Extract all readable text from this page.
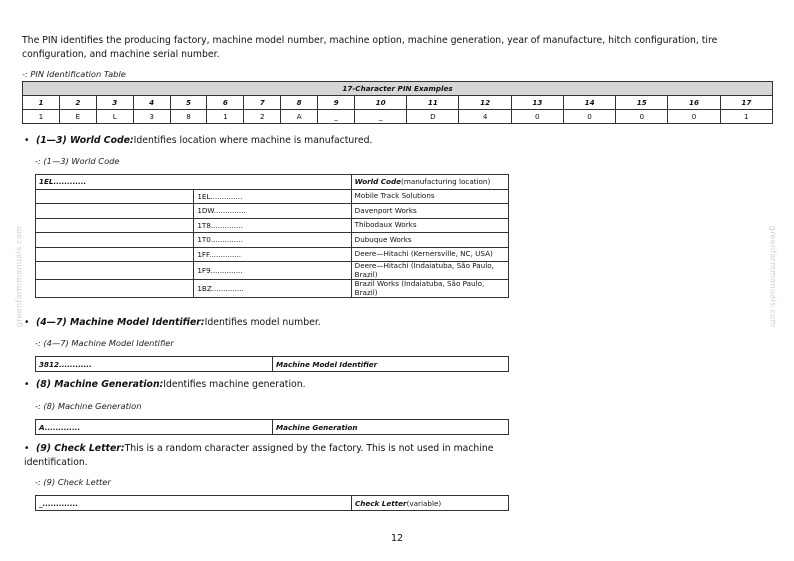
The PIN identifies the producing factory, machine model number, machine option, machine generation, year of manufacture, hitch configuration, tire configuration, and machine serial number.
-: PIN Identification Table
17-Character PIN Examples																
1	2	3	4	5	6	7	8	9	10	11	12	13	14	15	16	17
1	E	L	3	8	1	2	A	_	_	D	4	0	0	0	0	1
• (1—3) World Code:Identifies location where machine is manufactured.
-: (1—3) World Code
1EL............		World Code(manufacturing location)
	1EL..............	Mobile Track Solutions
	1DW..............	Davenport Works
	1T8..............	Thibodaux Works
	1T0..............	Dubuque Works
	1FF..............	Deere—Hitachi (Kernersville, NC, USA)
	1F9..............	Deere—Hitachi (Indaiatuba, São Paulo, Brazil)
	1BZ..............	Brazil Works (Indaiatuba, São Paulo, Brazil)
• (4—7) Machine Model Identifier:Identifies model number.
-: (4—7) Machine Model Identifier
3812............	Machine Model Identifier
• (8) Machine Generation:Identifies machine generation.
-: (8) Machine Generation
A.............	Machine Generation
• (9) Check Letter:This is a random character assigned by the factory. This is not used in machine identification.
-: (9) Check Letter
_.............	Check Letter(variable)
12
greenfarmmanuals.com	greenfarmmanuals.com
